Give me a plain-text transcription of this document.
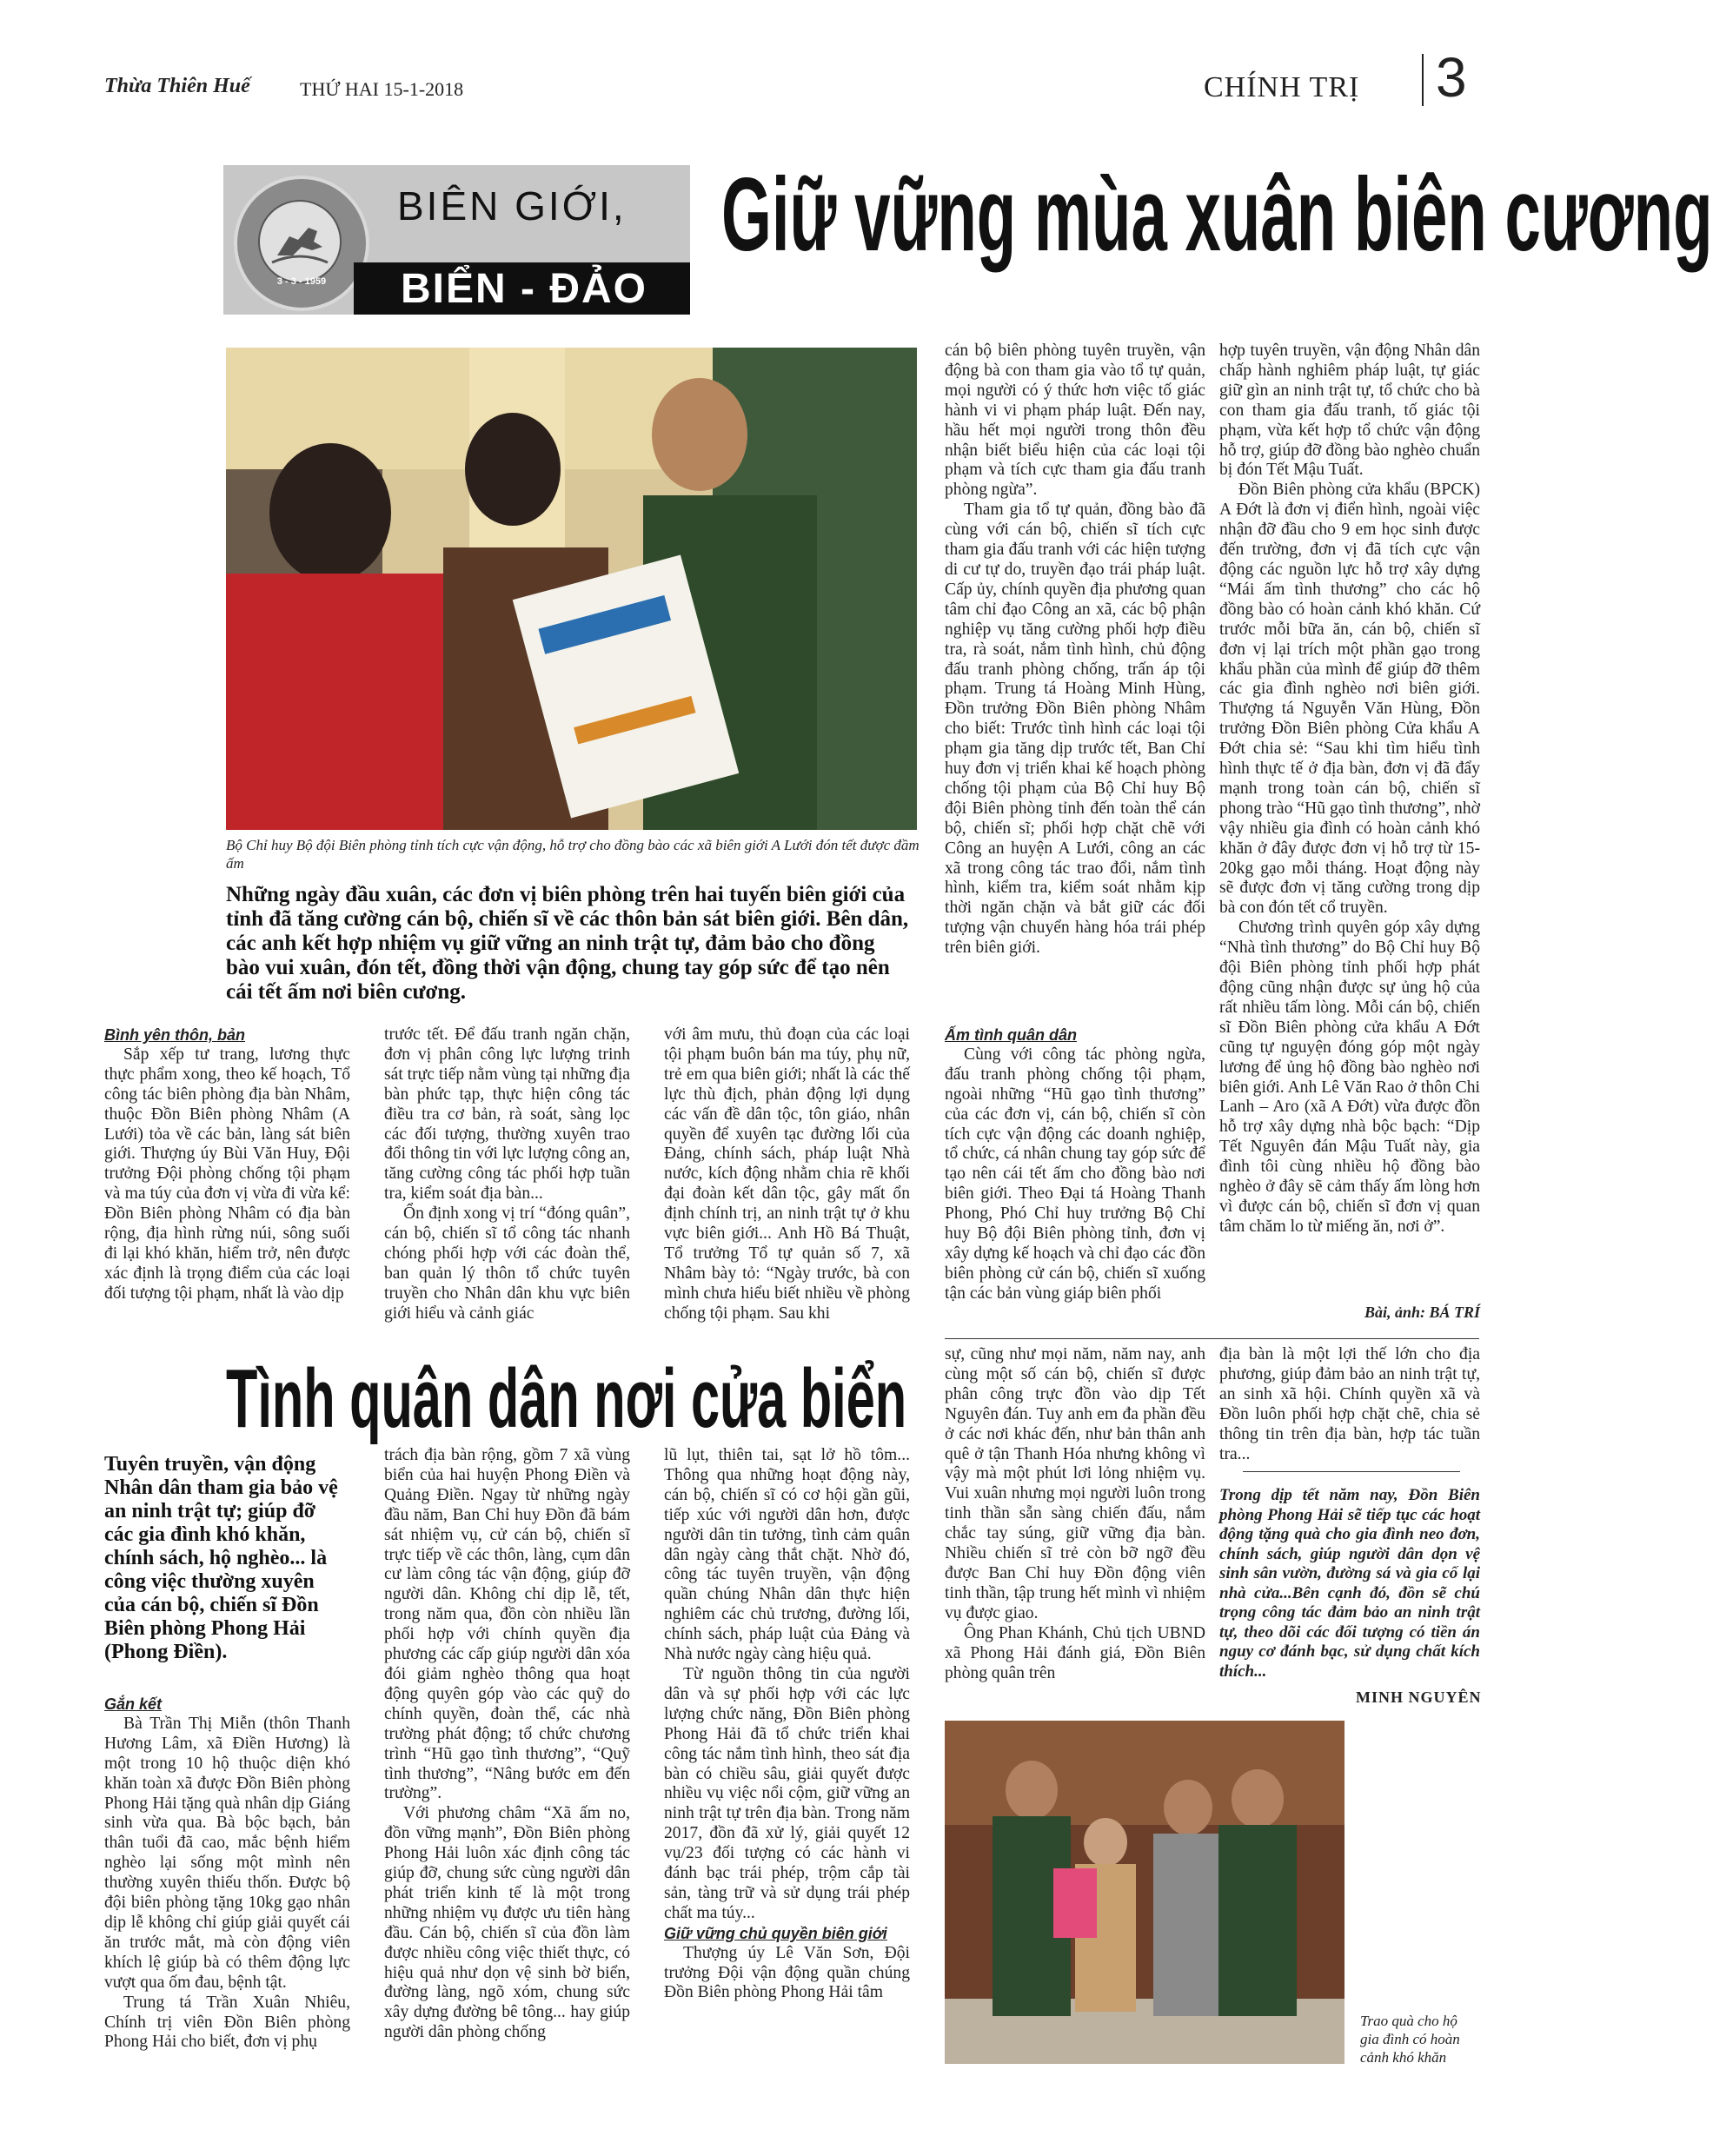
Thừa Thiên Huế	THỨ HAI 15-1-2018	CHÍNH TRỊ 3
3 - 3 - 1959
BIÊN GIỚI,
BIỂN - ĐẢO
Giữ vững mùa xuân biên cương
Bộ Chỉ huy Bộ đội Biên phòng tỉnh tích cực vận động, hỗ trợ cho đồng bào các xã biên giới A Lưới đón tết được đầm ấm
Những ngày đầu xuân, các đơn vị biên phòng trên hai tuyến biên giới của tỉnh đã tăng cường cán bộ, chiến sĩ về các thôn bản sát biên giới. Bên dân, các anh kết hợp nhiệm vụ giữ vững an ninh trật tự, đảm bảo cho đồng bào vui xuân, đón tết, đồng thời vận động, chung tay góp sức để tạo nên cái tết ấm nơi biên cương.

cán bộ biên phòng tuyên truyền, vận động bà con tham gia vào tổ tự quản, mọi người có ý thức hơn việc tố giác hành vi vi phạm pháp luật. Đến nay, hầu hết mọi người trong thôn đều nhận biết biểu hiện của các loại tội phạm và tích cực tham gia đấu tranh phòng ngừa”.

Tham gia tổ tự quản, đồng bào đã cùng với cán bộ, chiến sĩ tích cực tham gia đấu tranh với các hiện tượng di cư tự do, truyền đạo trái pháp luật. Cấp ủy, chính quyền địa phương quan tâm chỉ đạo Công an xã, các bộ phận nghiệp vụ tăng cường phối hợp điều tra, rà soát, nắm tình hình, chủ động đấu tranh phòng chống, trấn áp tội phạm. Trung tá Hoàng Minh Hùng, Đồn trưởng Đồn Biên phòng Nhâm cho biết: Trước tình hình các loại tội phạm gia tăng dịp trước tết, Ban Chỉ huy đơn vị triển khai kế hoạch phòng chống tội phạm của Bộ Chỉ huy Bộ đội Biên phòng tỉnh đến toàn thể cán bộ, chiến sĩ; phối hợp chặt chẽ với Công an huyện A Lưới, công an các xã trong công tác trao đổi, nắm tình hình, kiểm tra, kiểm soát nhằm kịp thời ngăn chặn và bắt giữ các đối tượng vận chuyển hàng hóa trái phép trên biên giới.

hợp tuyên truyền, vận động Nhân dân chấp hành nghiêm pháp luật, tự giác giữ gìn an ninh trật tự, tổ chức cho bà con tham gia đấu tranh, tố giác tội phạm, vừa kết hợp tổ chức vận động hỗ trợ, giúp đỡ đồng bào nghèo chuẩn bị đón Tết Mậu Tuất.

Đồn Biên phòng cửa khẩu (BPCK) A Đớt là đơn vị điển hình, ngoài việc nhận đỡ đầu cho 9 em học sinh được đến trường, đơn vị đã tích cực vận động các nguồn lực hỗ trợ xây dựng “Mái ấm tình thương” cho các hộ đồng bào có hoàn cảnh khó khăn. Cứ trước mỗi bữa ăn, cán bộ, chiến sĩ đơn vị lại trích một phần gạo trong khẩu phần của mình để giúp đỡ thêm các gia đình nghèo nơi biên giới. Thượng tá Nguyễn Văn Hùng, Đồn trưởng Đồn Biên phòng Cửa khẩu A Đớt chia sẻ: “Sau khi tìm hiểu tình hình thực tế ở địa bàn, đơn vị đã đẩy mạnh trong toàn cán bộ, chiến sĩ phong trào “Hũ gạo tình thương”, nhờ vậy nhiều gia đình có hoàn cảnh khó khăn ở đây được đơn vị hỗ trợ từ 15-20kg gạo mỗi tháng. Hoạt động này sẽ được đơn vị tăng cường trong dịp bà con đón tết cổ truyền.

Chương trình quyên góp xây dựng “Nhà tình thương” do Bộ Chỉ huy Bộ đội Biên phòng tỉnh phối hợp phát động cũng nhận được sự ủng hộ của rất nhiều tấm lòng. Mỗi cán bộ, chiến sĩ Đồn Biên phòng cửa khẩu A Đớt cũng tự nguyện đóng góp một ngày lương để ủng hộ đồng bào nghèo nơi biên giới. Anh Lê Văn Rao ở thôn Chi Lanh – Aro (xã A Đớt) vừa được đồn hỗ trợ xây dựng nhà bộc bạch: “Dịp Tết Nguyên đán Mậu Tuất này, gia đình tôi cùng nhiều hộ đồng bào nghèo ở đây sẽ cảm thấy ấm lòng hơn vì được cán bộ, chiến sĩ đơn vị quan tâm chăm lo từ miếng ăn, nơi ở”.

Bình yên thôn, bản

Sắp xếp tư trang, lương thực thực phẩm xong, theo kế hoạch, Tổ công tác biên phòng địa bàn Nhâm, thuộc Đồn Biên phòng Nhâm (A Lưới) tỏa về các bản, làng sát biên giới. Thượng úy Bùi Văn Huy, Đội trưởng Đội phòng chống tội phạm và ma túy của đơn vị vừa đi vừa kể: Đồn Biên phòng Nhâm có địa bàn rộng, địa hình rừng núi, sông suối đi lại khó khăn, hiểm trở, nên được xác định là trọng điểm của các loại đối tượng tội phạm, nhất là vào dịp

trước tết. Để đấu tranh ngăn chặn, đơn vị phân công lực lượng trinh sát trực tiếp nằm vùng tại những địa bàn phức tạp, thực hiện công tác điều tra cơ bản, rà soát, sàng lọc các đối tượng, thường xuyên trao đổi thông tin với lực lượng công an, tăng cường công tác phối hợp tuần tra, kiểm soát địa bàn...

Ổn định xong vị trí “đóng quân”, cán bộ, chiến sĩ tổ công tác nhanh chóng phối hợp với các đoàn thể, ban quản lý thôn tổ chức tuyên truyền cho Nhân dân khu vực biên giới hiểu và cảnh giác

với âm mưu, thủ đoạn của các loại tội phạm buôn bán ma túy, phụ nữ, trẻ em qua biên giới; nhất là các thế lực thù địch, phản động lợi dụng các vấn đề dân tộc, tôn giáo, nhân quyền để xuyên tạc đường lối của Đảng, chính sách, pháp luật Nhà nước, kích động nhằm chia rẽ khối đại đoàn kết dân tộc, gây mất ổn định chính trị, an ninh trật tự ở khu vực biên giới... Anh Hồ Bá Thuật, Tổ trưởng Tổ tự quản số 7, xã Nhâm bày tỏ: “Ngày trước, bà con mình chưa hiểu biết nhiều về phòng chống tội phạm. Sau khi

Ấm tình quân dân

Cùng với công tác phòng ngừa, đấu tranh phòng chống tội phạm, ngoài những “Hũ gạo tình thương” của các đơn vị, cán bộ, chiến sĩ còn tích cực vận động các doanh nghiệp, tổ chức, cá nhân chung tay góp sức để tạo nên cái tết ấm cho đồng bào nơi biên giới. Theo Đại tá Hoàng Thanh Phong, Phó Chỉ huy trưởng Bộ Chỉ huy Bộ đội Biên phòng tỉnh, đơn vị xây dựng kế hoạch và chỉ đạo các đồn biên phòng cử cán bộ, chiến sĩ xuống tận các bản vùng giáp biên phối

Bài, ảnh: BÁ TRÍ
Tình quân dân nơi cửa biển
Tuyên truyền, vận động Nhân dân tham gia bảo vệ an ninh trật tự; giúp đỡ các gia đình khó khăn, chính sách, hộ nghèo... là công việc thường xuyên của cán bộ, chiến sĩ Đồn Biên phòng Phong Hải (Phong Điền).

Gắn kết

Bà Trần Thị Miễn (thôn Thanh Hương Lâm, xã Điền Hương) là một trong 10 hộ thuộc diện khó khăn toàn xã được Đồn Biên phòng Phong Hải tặng quà nhân dịp Giáng sinh vừa qua. Bà bộc bạch, bản thân tuổi đã cao, mắc bệnh hiểm nghèo lại sống một mình nên thường xuyên thiếu thốn. Được bộ đội biên phòng tặng 10kg gạo nhân dịp lễ không chỉ giúp giải quyết cái ăn trước mắt, mà còn động viên khích lệ giúp bà có thêm động lực vượt qua ốm đau, bệnh tật.

Trung tá Trần Xuân Nhiêu, Chính trị viên Đồn Biên phòng Phong Hải cho biết, đơn vị phụ

trách địa bàn rộng, gồm 7 xã vùng biển của hai huyện Phong Điền và Quảng Điền. Ngay từ những ngày đầu năm, Ban Chỉ huy Đồn đã bám sát nhiệm vụ, cử cán bộ, chiến sĩ trực tiếp về các thôn, làng, cụm dân cư làm công tác vận động, giúp đỡ người dân. Không chỉ dịp lễ, tết, trong năm qua, đồn còn nhiều lần phối hợp với chính quyền địa phương các cấp giúp người dân xóa đói giảm nghèo thông qua hoạt động quyên góp vào các quỹ do chính quyền, đoàn thể, các nhà trường phát động; tổ chức chương trình “Hũ gạo tình thương”, “Quỹ tình thương”, “Nâng bước em đến trường”.

Với phương châm “Xã ấm no, đồn vững mạnh”, Đồn Biên phòng Phong Hải luôn xác định công tác giúp đỡ, chung sức cùng người dân phát triển kinh tế là một trong những nhiệm vụ được ưu tiên hàng đầu. Cán bộ, chiến sĩ của đồn làm được nhiều công việc thiết thực, có hiệu quả như dọn vệ sinh bờ biển, đường làng, ngõ xóm, chung sức xây dựng đường bê tông... hay giúp người dân phòng chống

lũ lụt, thiên tai, sạt lở hồ tôm... Thông qua những hoạt động này, cán bộ, chiến sĩ có cơ hội gần gũi, tiếp xúc với người dân hơn, được người dân tin tưởng, tình cảm quân dân ngày càng thắt chặt. Nhờ đó, công tác tuyên truyền, vận động quần chúng Nhân dân thực hiện nghiêm các chủ trương, đường lối, chính sách, pháp luật của Đảng và Nhà nước ngày càng hiệu quả.

Từ nguồn thông tin của người dân và sự phối hợp với các lực lượng chức năng, Đồn Biên phòng Phong Hải đã tổ chức triển khai công tác nắm tình hình, theo sát địa bàn có chiều sâu, giải quyết được nhiều vụ việc nổi cộm, giữ vững an ninh trật tự trên địa bàn. Trong năm 2017, đồn đã xử lý, giải quyết 12 vụ/23 đối tượng có các hành vi đánh bạc trái phép, trộm cắp tài sản, tàng trữ và sử dụng trái phép chất ma túy...

Giữ vững chủ quyền biên giới

Thượng úy Lê Văn Sơn, Đội trưởng Đội vận động quần chúng Đồn Biên phòng Phong Hải tâm

sự, cũng như mọi năm, năm nay, anh cùng một số cán bộ, chiến sĩ được phân công trực đồn vào dịp Tết Nguyên đán. Tuy anh em đa phần đều ở các nơi khác đến, như bản thân anh quê ở tận Thanh Hóa nhưng không vì vậy mà một phút lơi lỏng nhiệm vụ. Vui xuân nhưng mọi người luôn trong tinh thần sẵn sàng chiến đấu, nắm chắc tay súng, giữ vững địa bàn. Nhiều chiến sĩ trẻ còn bỡ ngỡ đều được Ban Chỉ huy Đồn động viên tinh thần, tập trung hết mình vì nhiệm vụ được giao.

Ông Phan Khánh, Chủ tịch UBND xã Phong Hải đánh giá, Đồn Biên phòng quân trên

địa bàn là một lợi thế lớn cho địa phương, giúp đảm bảo an ninh trật tự, an sinh xã hội. Chính quyền xã và Đồn luôn phối hợp chặt chẽ, chia sẻ thông tin trên địa bàn, hợp tác tuần tra...

Trong dịp tết năm nay, Đồn Biên phòng Phong Hải sẽ tiếp tục các hoạt động tặng quà cho gia đình neo đơn, chính sách, giúp người dân dọn vệ sinh sân vườn, đường sá và gia cố lại nhà cửa...Bên cạnh đó, đồn sẽ chú trọng công tác đảm bảo an ninh trật tự, theo dõi các đối tượng có tiền án nguy cơ đánh bạc, sử dụng chất kích thích...
MINH NGUYÊN
Trao quà cho hộ gia đình có hoàn cảnh khó khăn
